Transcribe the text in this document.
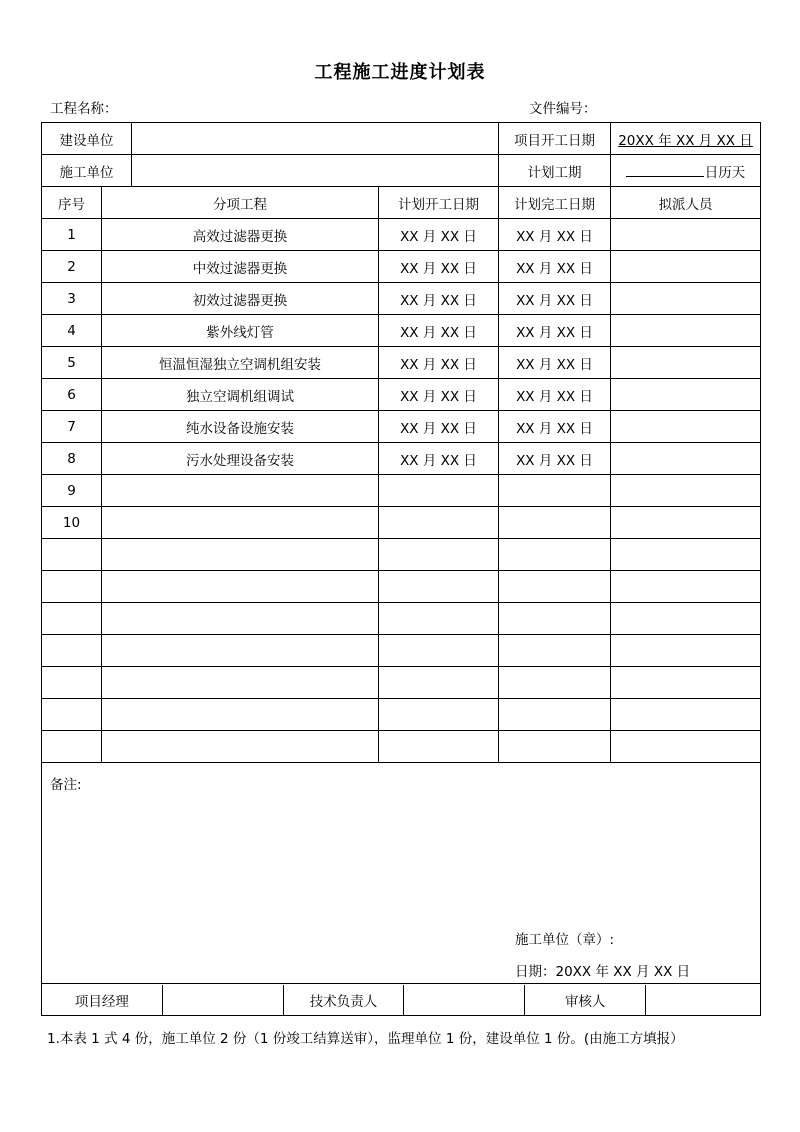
工程施工进度计划表
工程名称：	文件编号：
建设单位		项目开工日期	20XX 年 XX 月 XX 日
施工单位		计划工期	日历天
序号	分项工程	计划开工日期	计划完工日期	拟派人员
1	高效过滤器更换	XX 月 XX 日	XX 月 XX 日	
2	中效过滤器更换	XX 月 XX 日	XX 月 XX 日	
3	初效过滤器更换	XX 月 XX 日	XX 月 XX 日	
4	紫外线灯管	XX 月 XX 日	XX 月 XX 日	
5	恒温恒湿独立空调机组安装	XX 月 XX 日	XX 月 XX 日	
6	独立空调机组调试	XX 月 XX 日	XX 月 XX 日	
7	纯水设备设施安装	XX 月 XX 日	XX 月 XX 日	
8	污水处理设备安装	XX 月 XX 日	XX 月 XX 日	
9				
10				

备注:
施工单位（章）:
日期：20XX 年 XX 月 XX 日

项目经理		技术负责人		审核人	
1.本表 1 式 4 份，施工单位 2 份（1 份竣工结算送审），监理单位 1 份，建设单位 1 份。(由施工方填报）
